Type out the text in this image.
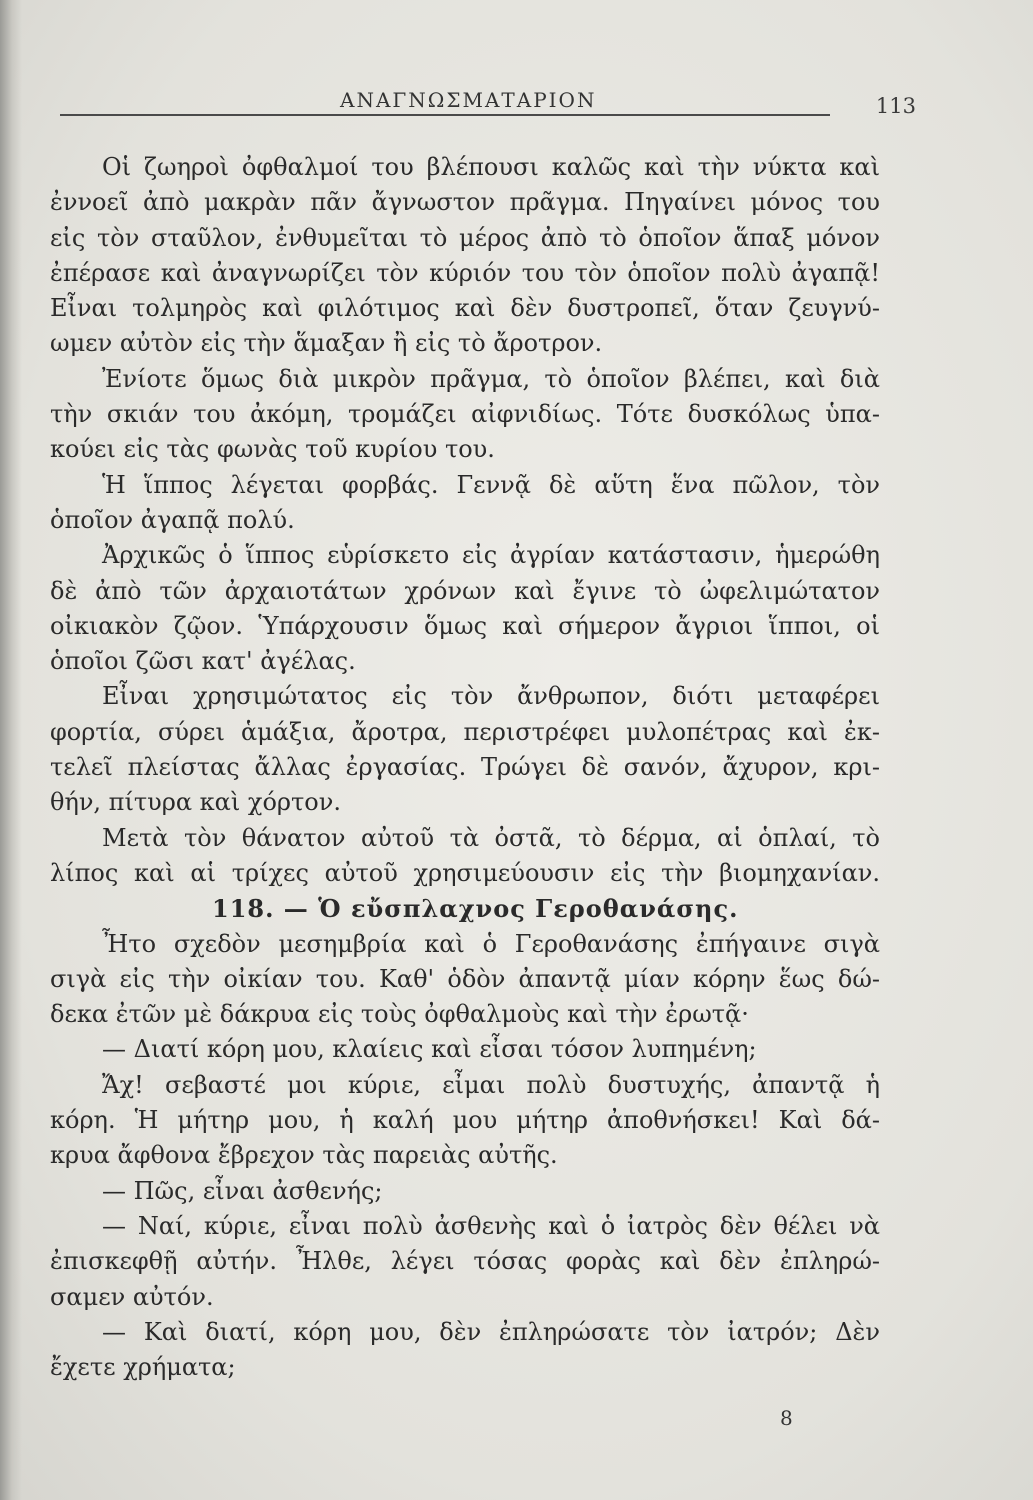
ΑΝΑΓΝΩΣΜΑΤΑΡΙΟΝ	113
Οἱ ζωηροὶ ὀφθαλμοί του βλέπουσι καλῶς καὶ τὴν νύκτα καὶ
ἐννοεῖ ἀπὸ μακρὰν πᾶν ἄγνωστον πρᾶγμα. Πηγαίνει μόνος του
εἰς τὸν σταῦλον, ἐνθυμεῖται τὸ μέρος ἀπὸ τὸ ὁποῖον ἅπαξ μόνον
ἐπέρασε καὶ ἀναγνωρίζει τὸν κύριόν του τὸν ὁποῖον πολὺ ἀγαπᾷ!
Εἶναι τολμηρὸς καὶ φιλότιμος καὶ δὲν δυστροπεῖ, ὅταν ζευγνύ-
ωμεν αὐτὸν εἰς τὴν ἅμαξαν ἢ εἰς τὸ ἄροτρον.
Ἐνίοτε ὅμως διὰ μικρὸν πρᾶγμα, τὸ ὁποῖον βλέπει, καὶ διὰ
τὴν σκιάν του ἀκόμη, τρομάζει αἰφνιδίως. Τότε δυσκόλως ὑπα-
κούει εἰς τὰς φωνὰς τοῦ κυρίου του.
Ἡ ἵππος λέγεται φορβάς. Γεννᾷ δὲ αὕτη ἕνα πῶλον, τὸν
ὁποῖον ἀγαπᾷ πολύ.
Ἀρχικῶς ὁ ἵππος εὑρίσκετο εἰς ἀγρίαν κατάστασιν, ἡμερώθη
δὲ ἀπὸ τῶν ἀρχαιοτάτων χρόνων καὶ ἔγινε τὸ ὠφελιμώτατον
οἰκιακὸν ζῷον. Ὑπάρχουσιν ὅμως καὶ σήμερον ἄγριοι ἵπποι, οἱ
ὁποῖοι ζῶσι κατ' ἀγέλας.
Εἶναι χρησιμώτατος εἰς τὸν ἄνθρωπον, διότι μεταφέρει
φορτία, σύρει ἁμάξια, ἄροτρα, περιστρέφει μυλοπέτρας καὶ ἐκ-
τελεῖ πλείστας ἄλλας ἐργασίας. Τρώγει δὲ σανόν, ἄχυρον, κρι-
θήν, πίτυρα καὶ χόρτον.
Μετὰ τὸν θάνατον αὐτοῦ τὰ ὀστᾶ, τὸ δέρμα, αἱ ὁπλαί, τὸ
λίπος καὶ αἱ τρίχες αὐτοῦ χρησιμεύουσιν εἰς τὴν βιομηχανίαν.
118. — Ὁ εὔσπλαχνος Γεροθανάσης.
Ἦτο σχεδὸν μεσημβρία καὶ ὁ Γεροθανάσης ἐπήγαινε σιγὰ
σιγὰ εἰς τὴν οἰκίαν του. Καθ' ὁδὸν ἀπαντᾷ μίαν κόρην ἕως δώ-
δεκα ἐτῶν μὲ δάκρυα εἰς τοὺς ὀφθαλμοὺς καὶ τὴν ἐρωτᾷ·
— Διατί κόρη μου, κλαίεις καὶ εἶσαι τόσον λυπημένη;
Ἄχ! σεβαστέ μοι κύριε, εἶμαι πολὺ δυστυχής, ἀπαντᾷ ἡ
κόρη. Ἡ μήτηρ μου, ἡ καλή μου μήτηρ ἀποθνήσκει! Καὶ δά-
κρυα ἄφθονα ἔβρεχον τὰς παρειὰς αὐτῆς.
— Πῶς, εἶναι ἀσθενής;
— Ναί, κύριε, εἶναι πολὺ ἀσθενὴς καὶ ὁ ἰατρὸς δὲν θέλει νὰ
ἐπισκεφθῇ αὐτήν. Ἦλθε, λέγει τόσας φορὰς καὶ δὲν ἐπληρώ-
σαμεν αὐτόν.
— Καὶ διατί, κόρη μου, δὲν ἐπληρώσατε τὸν ἰατρόν; Δὲν
ἔχετε χρήματα;
8
